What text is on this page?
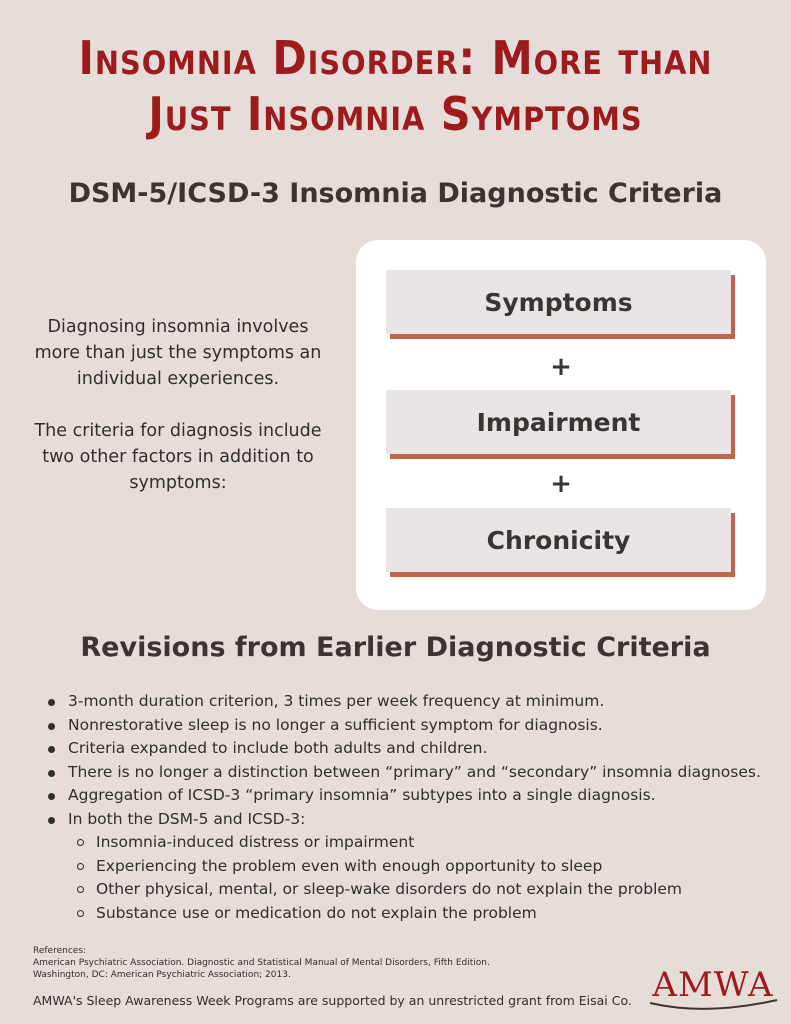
Insomnia Disorder: More than
Just Insomnia Symptoms
DSM-5/ICSD-3 Insomnia Diagnostic Criteria

Diagnosing insomnia involves more than just the symptoms an individual experiences.

The criteria for diagnosis include two other factors in addition to symptoms:

Symptoms
+
Impairment
+
Chronicity
Revisions from Earlier Diagnostic Criteria
3-month duration criterion, 3 times per week frequency at minimum.
Nonrestorative sleep is no longer a sufficient symptom for diagnosis.
Criteria expanded to include both adults and children.
There is no longer a distinction between “primary” and “secondary” insomnia diagnoses.
Aggregation of ICSD-3 “primary insomnia” subtypes into a single diagnosis.
In both the DSM-5 and ICSD-3:
Insomnia-induced distress or impairment
Experiencing the problem even with enough opportunity to sleep
Other physical, mental, or sleep-wake disorders do not explain the problem
Substance use or medication do not explain the problem
References:
American Psychiatric Association. Diagnostic and Statistical Manual of Mental Disorders, Fifth Edition.
Washington, DC: American Psychiatric Association; 2013.
AMWA's Sleep Awareness Week Programs are supported by an unrestricted grant from Eisai Co. AMWA
